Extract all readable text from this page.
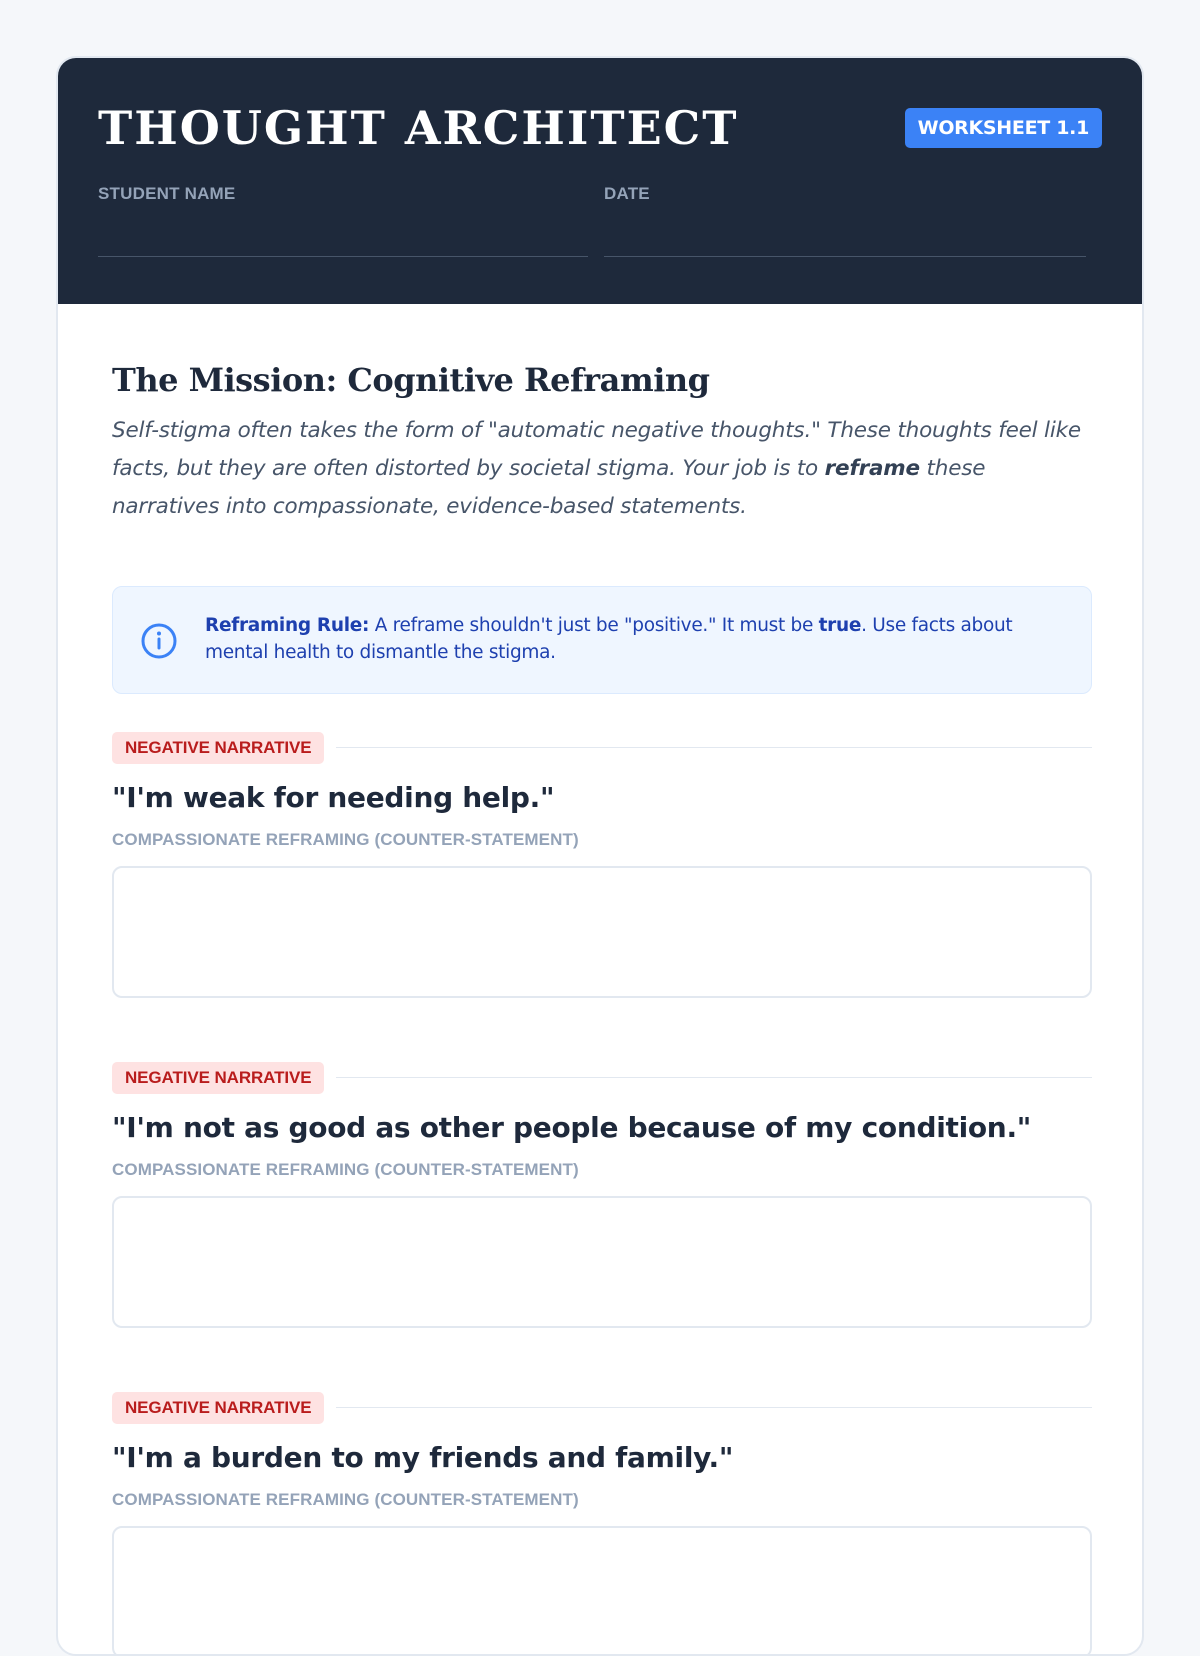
THOUGHT ARCHITECT	WORKSHEET 1.1
STUDENT NAME	DATE
The Mission: Cognitive Reframing

Self-stigma often takes the form of "automatic negative thoughts." These thoughts feel like facts, but they are often distorted by societal stigma. Your job is to reframe these narratives into compassionate, evidence-based statements.

Reframing Rule: A reframe shouldn't just be "positive." It must be true. Use facts about mental health to dismantle the stigma.
NEGATIVE NARRATIVE

"I'm weak for needing help."

COMPASSIONATE REFRAMING (COUNTER-STATEMENT)
NEGATIVE NARRATIVE

"I'm not as good as other people because of my condition."

COMPASSIONATE REFRAMING (COUNTER-STATEMENT)
NEGATIVE NARRATIVE

"I'm a burden to my friends and family."

COMPASSIONATE REFRAMING (COUNTER-STATEMENT)
